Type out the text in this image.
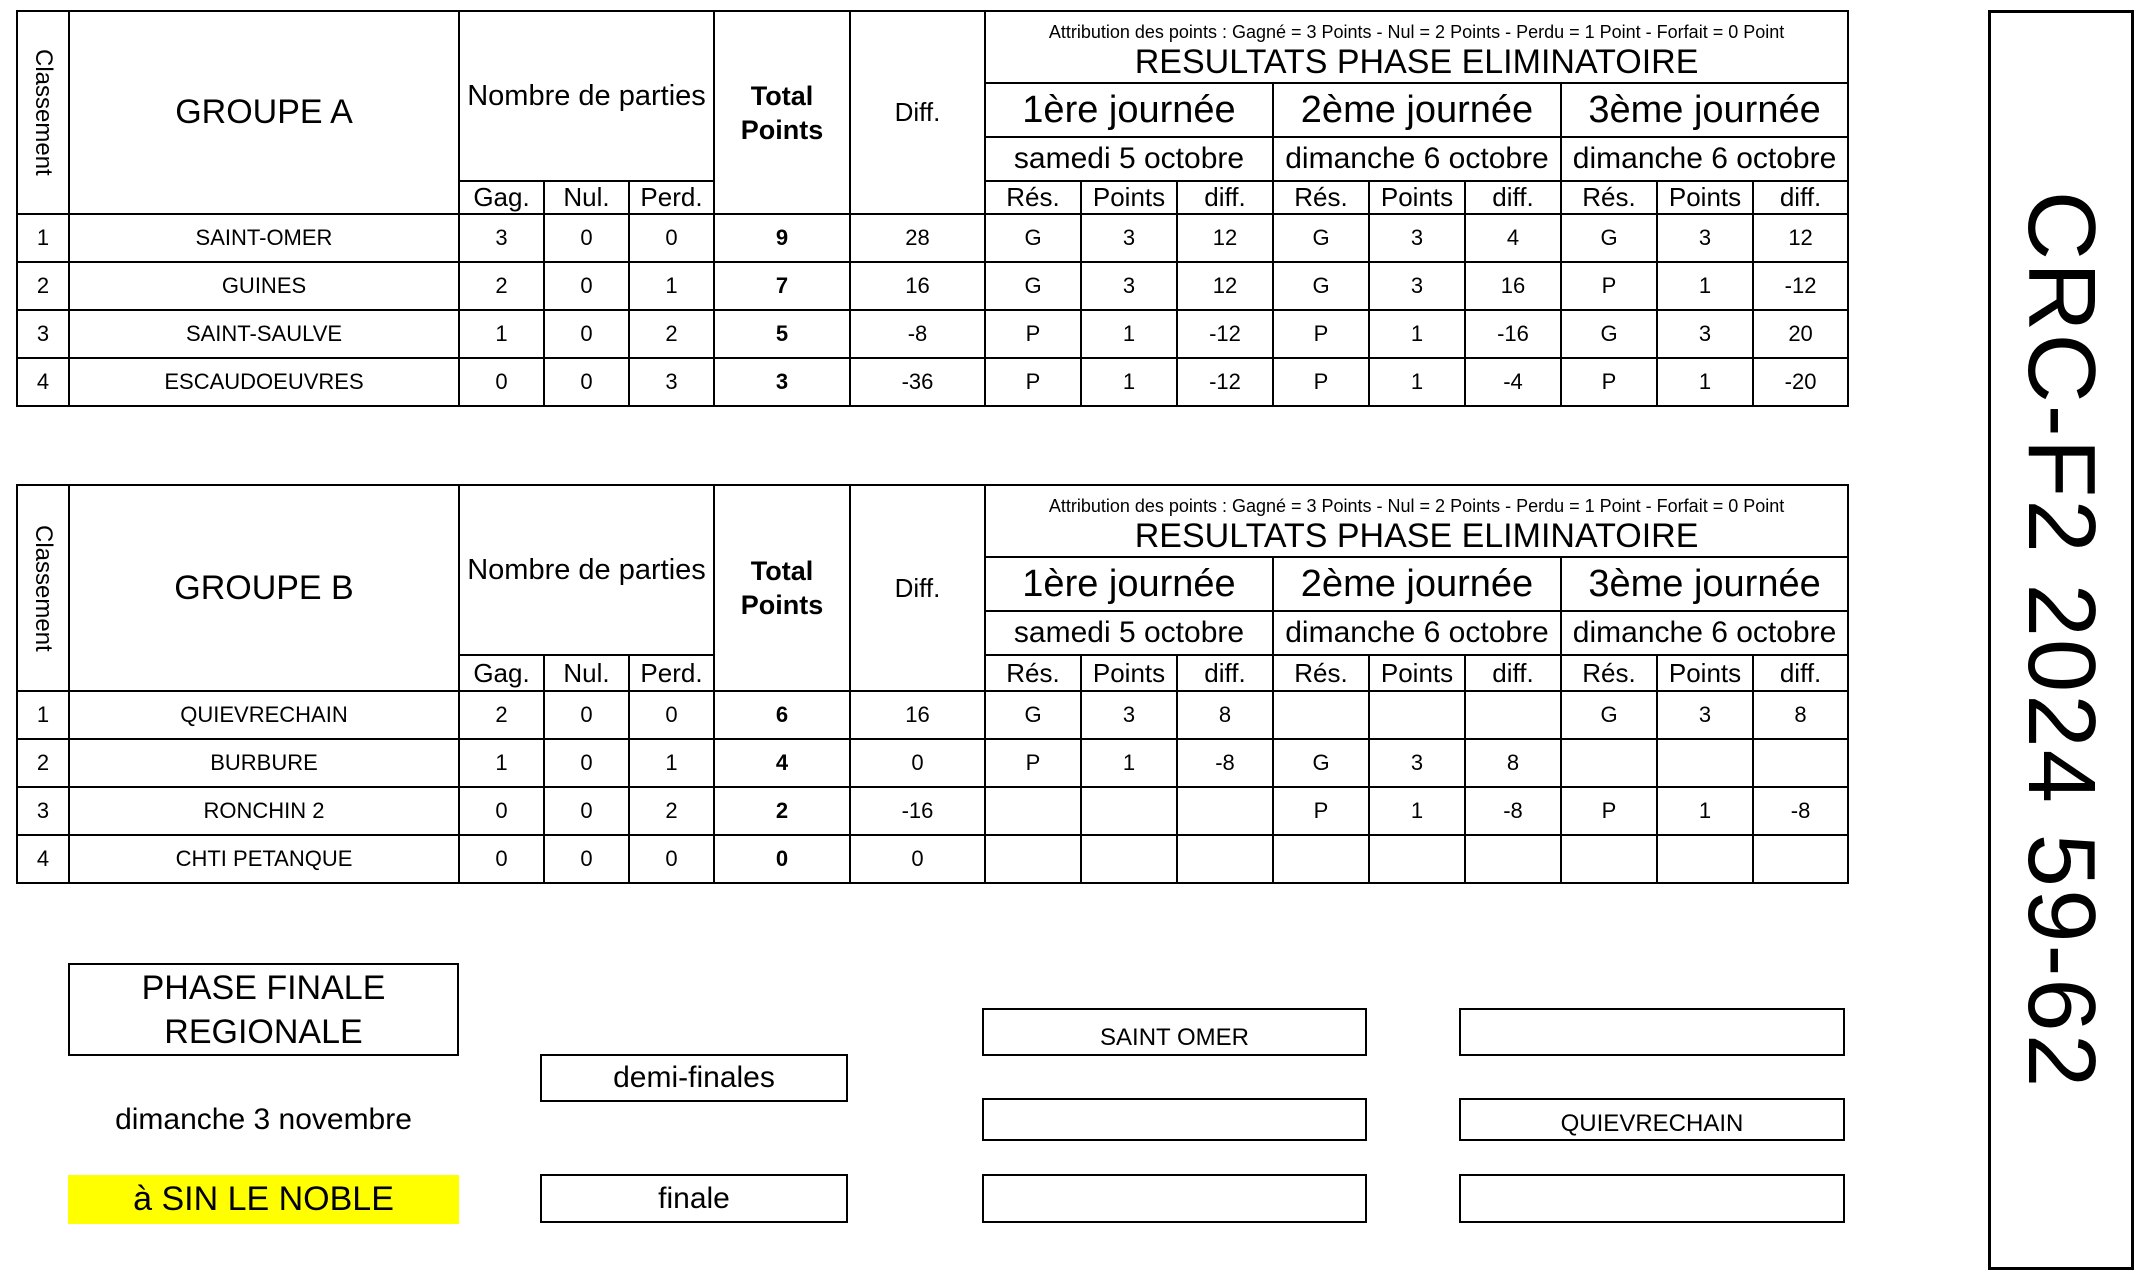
Classement	GROUPE A	Nombre de parties			Total Points	Diff.	Attribution des points : Gagné = 3 Points - Nul = 2 Points - Perdu = 1 Point - Forfait = 0 Point								
							RESULTATS PHASE ELIMINATOIRE								
							1ère journée			2ème journée			3ème journée		
							samedi 5 octobre			dimanche 6 octobre			dimanche 6 octobre		
		Gag.	Nul.	Perd.			Rés.	Points	diff.	Rés.	Points	diff.	Rés.	Points	diff.
1	SAINT-OMER	3	0	0	9	28	G	3	12	G	3	4	G	3	12
2	GUINES	2	0	1	7	16	G	3	12	G	3	16	P	1	-12
3	SAINT-SAULVE	1	0	2	5	-8	P	1	-12	P	1	-16	G	3	20
4	ESCAUDOEUVRES	0	0	3	3	-36	P	1	-12	P	1	-4	P	1	-20
Classement	GROUPE B	Nombre de parties			Total Points	Diff.	Attribution des points : Gagné = 3 Points - Nul = 2 Points - Perdu = 1 Point - Forfait = 0 Point								
							RESULTATS PHASE ELIMINATOIRE								
							1ère journée			2ème journée			3ème journée		
							samedi 5 octobre			dimanche 6 octobre			dimanche 6 octobre		
		Gag.	Nul.	Perd.			Rés.	Points	diff.	Rés.	Points	diff.	Rés.	Points	diff.
1	QUIEVRECHAIN	2	0	0	6	16	G	3	8				G	3	8
2	BURBURE	1	0	1	4	0	P	1	-8	G	3	8			
3	RONCHIN 2	0	0	2	2	-16				P	1	-8	P	1	-8
4	CHTI PETANQUE	0	0	0	0	0									
PHASE FINALE REGIONALE
dimanche 3 novembre
à SIN LE NOBLE
demi-finales
finale
SAINT OMER
QUIEVRECHAIN
CRC-F2 2024 59-62
